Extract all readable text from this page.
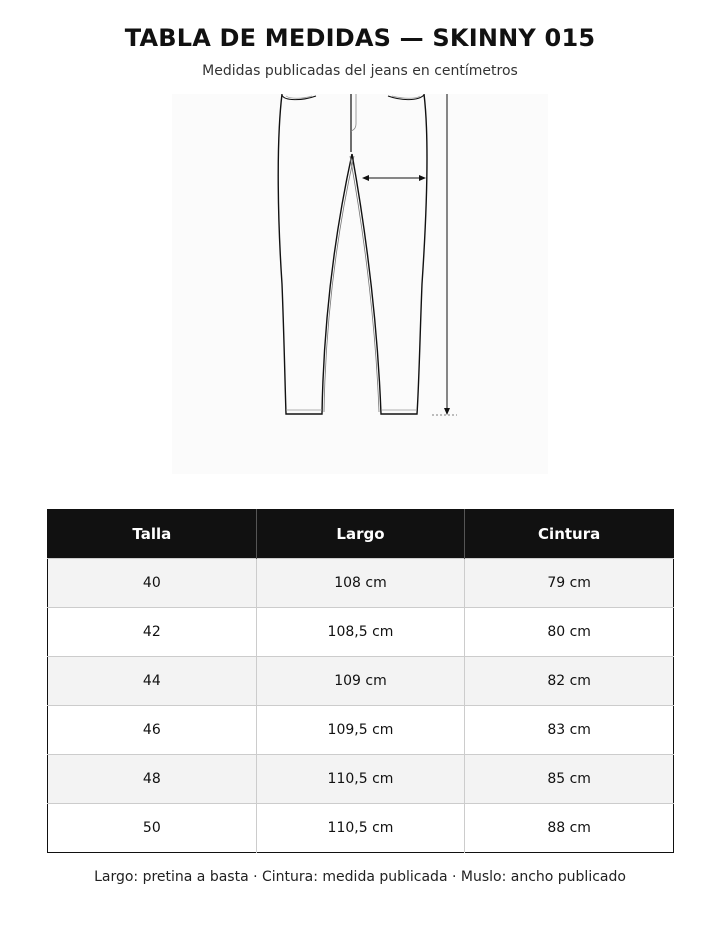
TABLA DE MEDIDAS — SKINNY 015
Medidas publicadas del jeans en centímetros
Talla	Largo	Cintura
40	108 cm	79 cm
42	108,5 cm	80 cm
44	109 cm	82 cm
46	109,5 cm	83 cm
48	110,5 cm	85 cm
50	110,5 cm	88 cm
Largo: pretina a basta · Cintura: medida publicada · Muslo: ancho publicado
